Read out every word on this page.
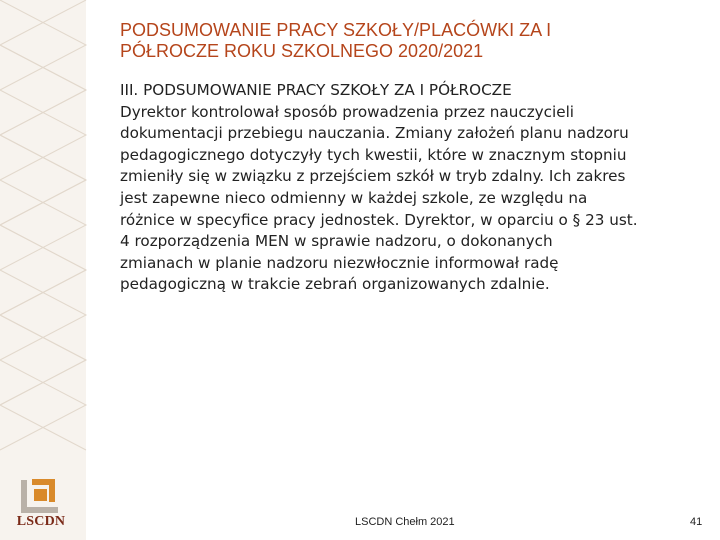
PODSUMOWANIE PRACY SZKOŁY/PLACÓWKI ZA I
PÓŁROCZE ROKU SZKOLNEGO 2020/2021
III. PODSUMOWANIE PRACY SZKOŁY ZA I PÓŁROCZE
Dyrektor kontrolował sposób prowadzenia przez nauczycieli
dokumentacji przebiegu nauczania. Zmiany założeń planu nadzoru
pedagogicznego dotyczyły tych kwestii, które w znacznym stopniu
zmieniły się w związku z przejściem szkół w tryb zdalny. Ich zakres
jest zapewne nieco odmienny w każdej szkole, ze względu na
różnice w specyfice pracy jednostek. Dyrektor, w oparciu o § 23 ust.
4 rozporządzenia MEN w sprawie nadzoru, o dokonanych
zmianach w planie nadzoru niezwłocznie informował radę
pedagogiczną w trakcie zebrań organizowanych zdalnie.
LSCDN	LSCDN Chełm 2021	41
